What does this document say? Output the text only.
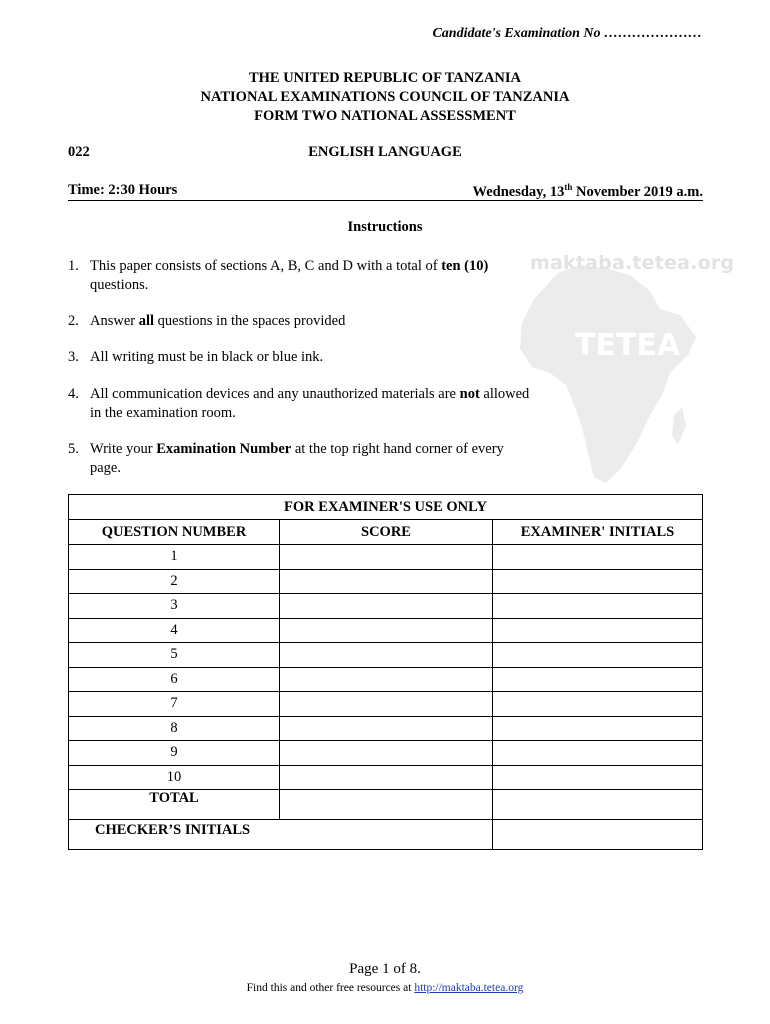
Candidate's Examination No …………………
THE UNITED REPUBLIC OF TANZANIA
NATIONAL EXAMINATIONS COUNCIL OF TANZANIA
FORM TWO NATIONAL ASSESSMENT
022	ENGLISH LANGUAGE
Time: 2:30 Hours	Wednesday, 13th November 2019 a.m.
TETEA
maktaba.tetea.org
Instructions
1. This paper consists of sections A, B, C and D with a total of ten (10) questions.
2. Answer all questions in the spaces provided
3. All writing must be in black or blue ink.
4. All communication devices and any unauthorized materials are not allowed in the examination room.
5. Write your Examination Number at the top right hand corner of every page.
FOR EXAMINER'S USE ONLY		
QUESTION NUMBER	SCORE	EXAMINER' INITIALS
1		
2		
3		
4		
5		
6		
7		
8		
9		
10		
TOTAL		
CHECKER’S INITIALS		
Page 1 of 8.
Find this and other free resources at http://maktaba.tetea.org
